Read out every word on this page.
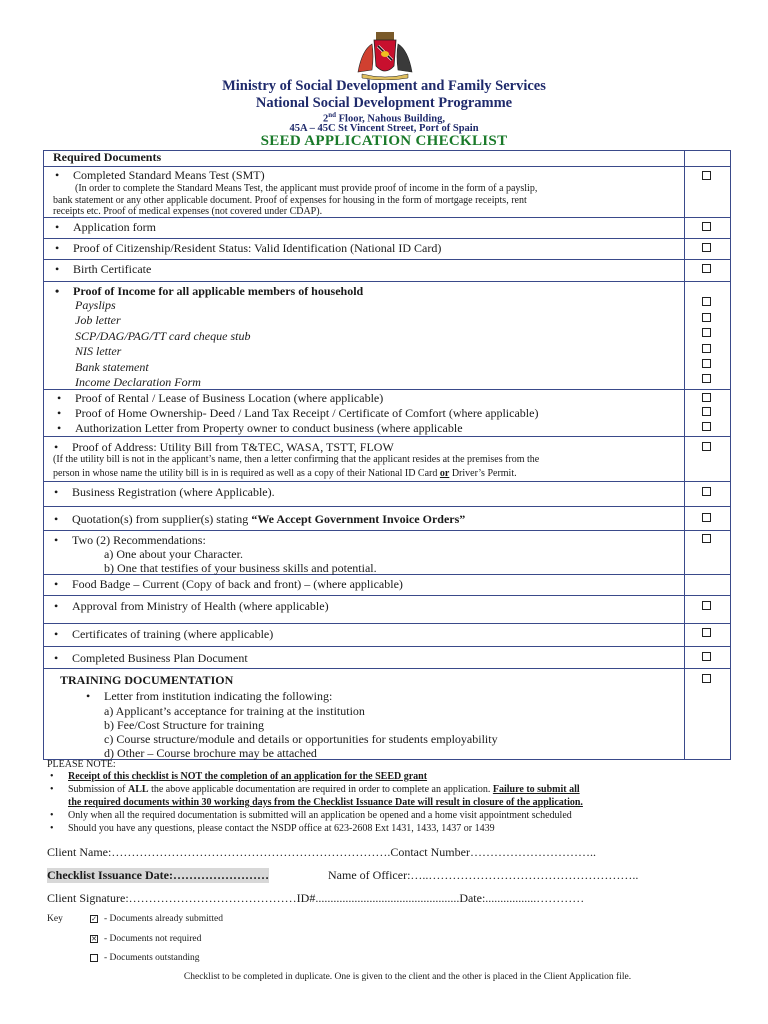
Ministry of Social Development and Family Services
National Social Development Programme
2nd Floor, Nahous Building,
45A – 45C St Vincent Street, Port of Spain
SEED APPLICATION CHECKLIST
Required Documents
• Completed Standard Means Test (SMT)
(In order to complete the Standard Means Test, the applicant must provide proof of income in the form of a payslip,
bank statement or any other applicable document. Proof of expenses for housing in the form of mortgage receipts, rent
receipts etc. Proof of medical expenses (not covered under CDAP).
• Application form
• Proof of Citizenship/Resident Status: Valid Identification (National ID Card)
• Birth Certificate
• Proof of Income for all applicable members of household
Payslips
Job letter
SCP/DAG/PAG/TT card cheque stub
NIS letter
Bank statement
Income Declaration Form
• Proof of Rental / Lease of Business Location (where applicable)
• Proof of Home Ownership- Deed / Land Tax Receipt / Certificate of Comfort (where applicable)
• Authorization Letter from Property owner to conduct business (where applicable
• Proof of Address: Utility Bill from T&TEC, WASA, TSTT, FLOW
(If the utility bill is not in the applicant’s name, then a letter confirming that the applicant resides at the premises from the
person in whose name the utility bill is in is required as well as a copy of their National ID Card or Driver’s Permit.
• Business Registration (where Applicable).
• Quotation(s) from supplier(s) stating “We Accept Government Invoice Orders”
• Two (2) Recommendations:
a) One about your Character.
b) One that testifies of your business skills and potential.
• Food Badge – Current (Copy of back and front) – (where applicable)
• Approval from Ministry of Health (where applicable)
• Certificates of training (where applicable)
• Completed Business Plan Document
TRAINING DOCUMENTATION
• Letter from institution indicating the following:
a) Applicant’s acceptance for training at the institution
b) Fee/Cost Structure for training
c) Course structure/module and details or opportunities for students employability
d) Other – Course brochure may be attached
PLEASE NOTE:
• Receipt of this checklist is NOT the completion of an application for the SEED grant
• Submission of ALL the above applicable documentation are required in order to complete an application. Failure to submit all
the required documents within 30 working days from the Checklist Issuance Date will result in closure of the application.
• Only when all the required documentation is submitted will an application be opened and a home visit appointment scheduled
• Should you have any questions, please contact the NSDP office at 623-2608 Ext 1431, 1433, 1437 or 1439
Client Name:…………………………………………………………….Contact Number…………………………..
Checklist Issuance Date:……………………	Name of Officer:…..……………………………………………..
Client Signature:……………………………………ID#................................................Date:.................…………
Key	✓ - Documents already submitted
✕ - Documents not required
- Documents outstanding
Checklist to be completed in duplicate. One is given to the client and the other is placed in the Client Application file.
